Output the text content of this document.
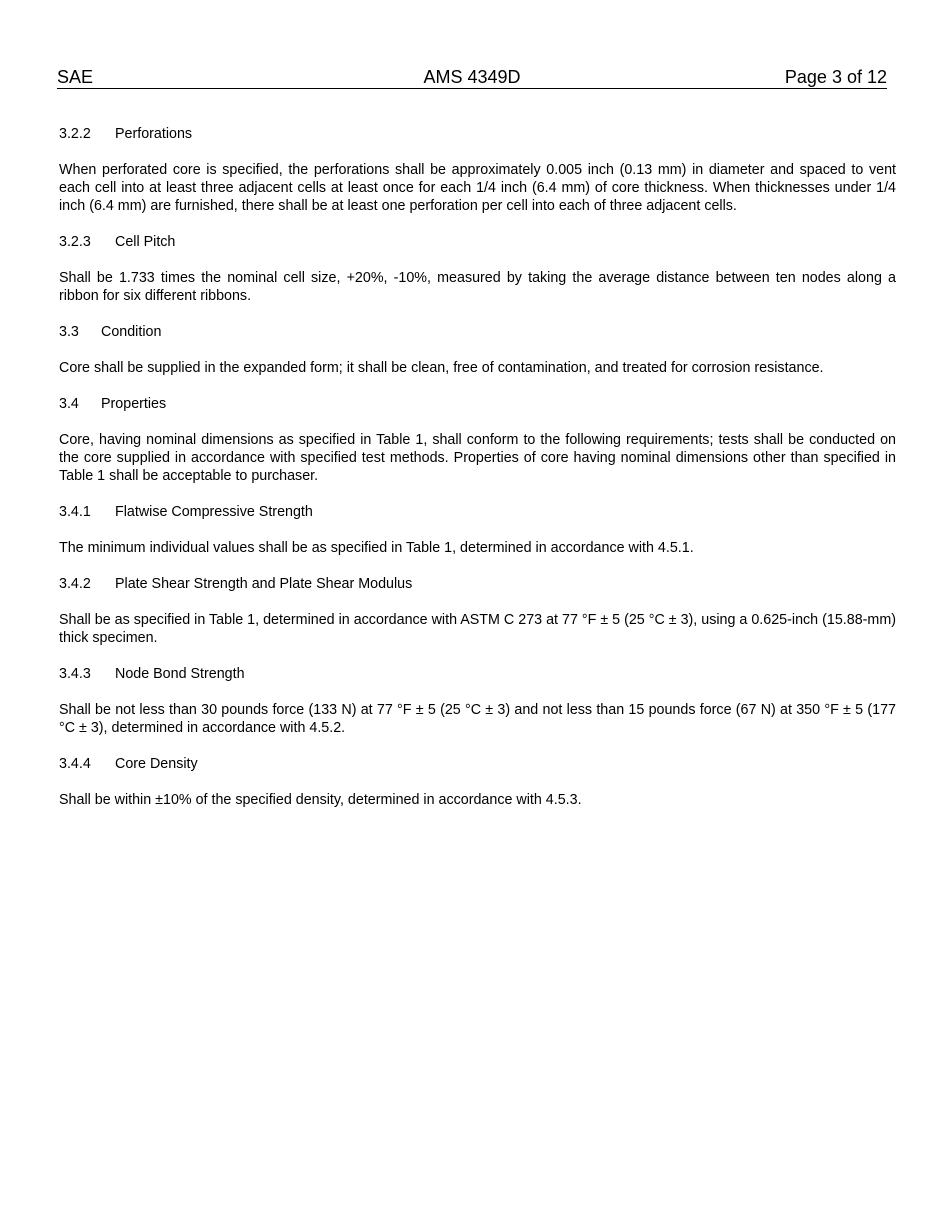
SAE	AMS 4349D	Page 3 of 12
3.2.2	Perforations
When perforated core is specified, the perforations shall be approximately 0.005 inch (0.13 mm) in diameter and spaced to vent each cell into at least three adjacent cells at least once for each 1/4 inch (6.4 mm) of core thickness. When thicknesses under 1/4 inch (6.4 mm) are furnished, there shall be at least one perforation per cell into each of three adjacent cells.
3.2.3	Cell Pitch
Shall be 1.733 times the nominal cell size, +20%, -10%, measured by taking the average distance between ten nodes along a ribbon for six different ribbons.
3.3	Condition
Core shall be supplied in the expanded form; it shall be clean, free of contamination, and treated for corrosion resistance.
3.4	Properties
Core, having nominal dimensions as specified in Table 1, shall conform to the following requirements; tests shall be conducted on the core supplied in accordance with specified test methods. Properties of core having nominal dimensions other than specified in Table 1 shall be acceptable to purchaser.
3.4.1	Flatwise Compressive Strength
The minimum individual values shall be as specified in Table 1, determined in accordance with 4.5.1.
3.4.2	Plate Shear Strength and Plate Shear Modulus
Shall be as specified in Table 1, determined in accordance with ASTM C 273 at 77 °F ± 5 (25 °C ± 3), using a 0.625-inch (15.88-mm) thick specimen.
3.4.3	Node Bond Strength
Shall be not less than 30 pounds force (133 N) at 77 °F ± 5 (25 °C ± 3) and not less than 15 pounds force (67 N) at 350 °F ± 5 (177 °C ± 3), determined in accordance with 4.5.2.
3.4.4	Core Density
Shall be within ±10% of the specified density, determined in accordance with 4.5.3.
